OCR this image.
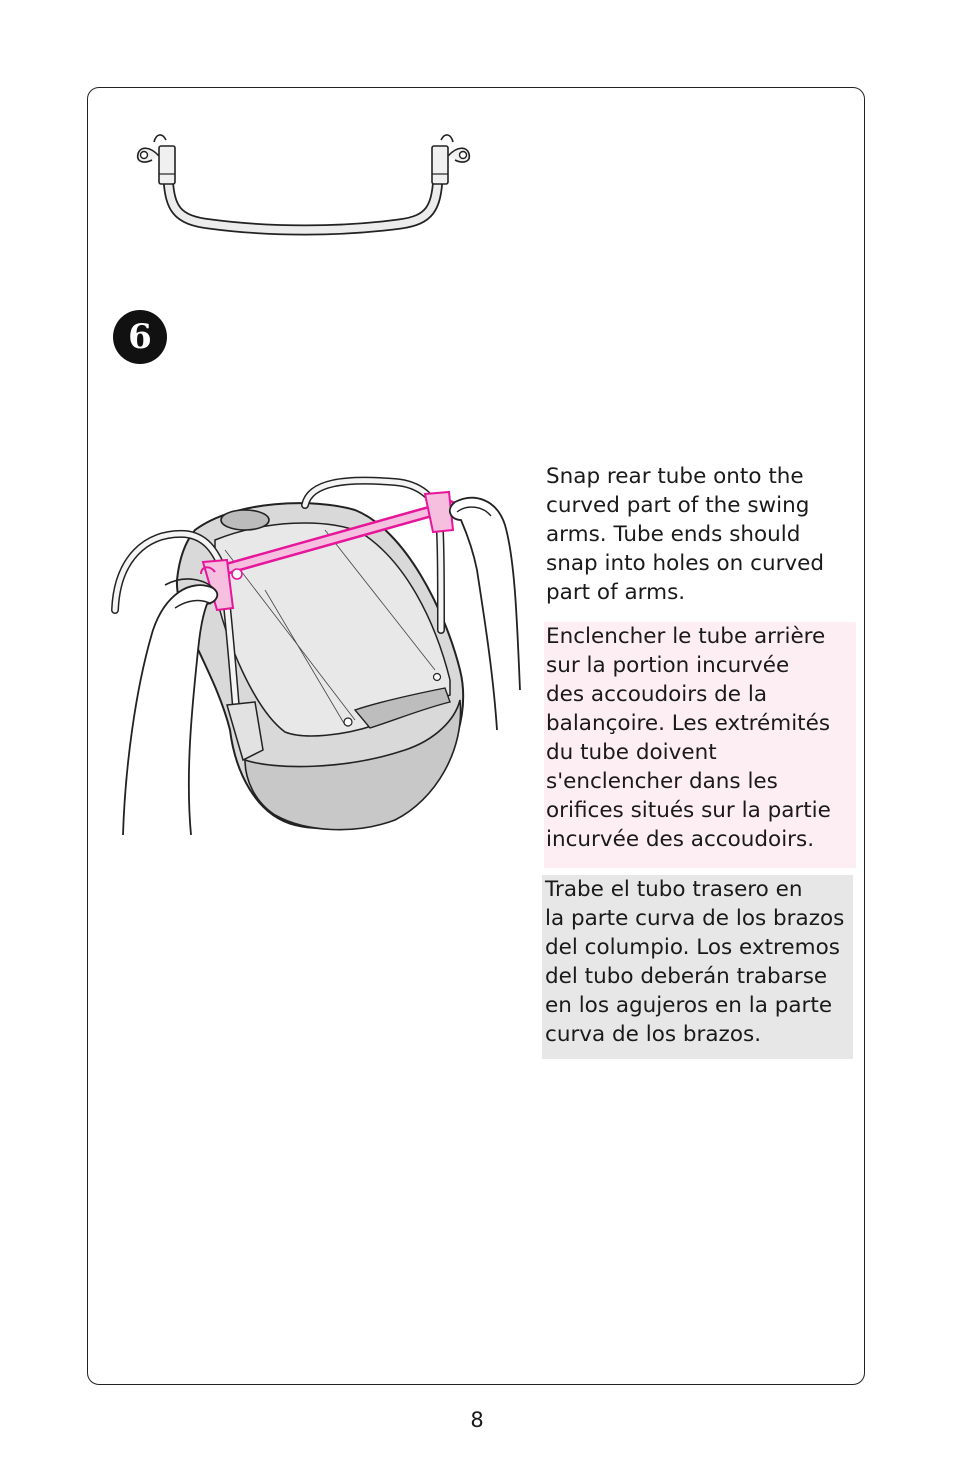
6
Snap rear tube onto the
curved part of the swing
arms. Tube ends should
snap into holes on curved
part of arms.
Enclencher le tube arrière
sur la portion incurvée
des accoudoirs de la
balançoire. Les extrémités
du tube doivent
s'enclencher dans les
orifices situés sur la partie
incurvée des accoudoirs.
Trabe el tubo trasero en
la parte curva de los brazos
del columpio. Los extremos
del tubo deberán trabarse
en los agujeros en la parte
curva de los brazos.
8
